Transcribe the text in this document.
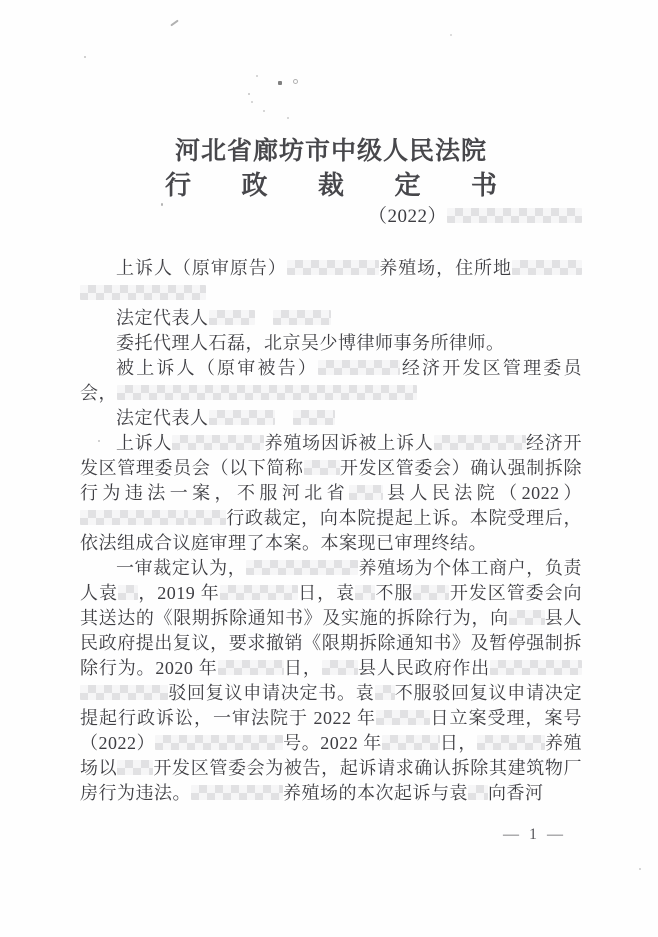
河北省廊坊市中级人民法院
行 政 裁 定 书

（2022）

上诉人（原审原告）	养殖场，住所地

法定代表人　

委托代理人石磊，北京吴少博律师事务所律师。

被上诉人（原审被告）	经济开发区管理委员会，

法定代表人　

上诉人	养殖场因诉被上诉人	经济开发区管理委员会（以下简称 开发区管委会）确认强制拆除行为违法一案，不服河北省 县人民法院（2022）行政裁定，向本院提起上诉。本院受理后，依法组成合议庭审理了本案。本案现已审理终结。

一审裁定认为，	养殖场为个体工商户，负责人袁 ，2019 年	日，袁 不服 开发区管委会向其送达的《限期拆除通知书》及实施的拆除行为，向 县人民政府提出复议，要求撤销《限期拆除通知书》及暂停强制拆除行为。2020 年	日， 县人民政府作出驳回复议申请决定书。袁 不服驳回复议申请决定提起行政诉讼，一审法院于 2022 年	日立案受理，案号（2022）	号。2022 年	日，	养殖场以 开发区管委会为被告，起诉请求确认拆除其建筑物厂房行为违法。	养殖场的本次起诉与袁 向香河

— 1 —
